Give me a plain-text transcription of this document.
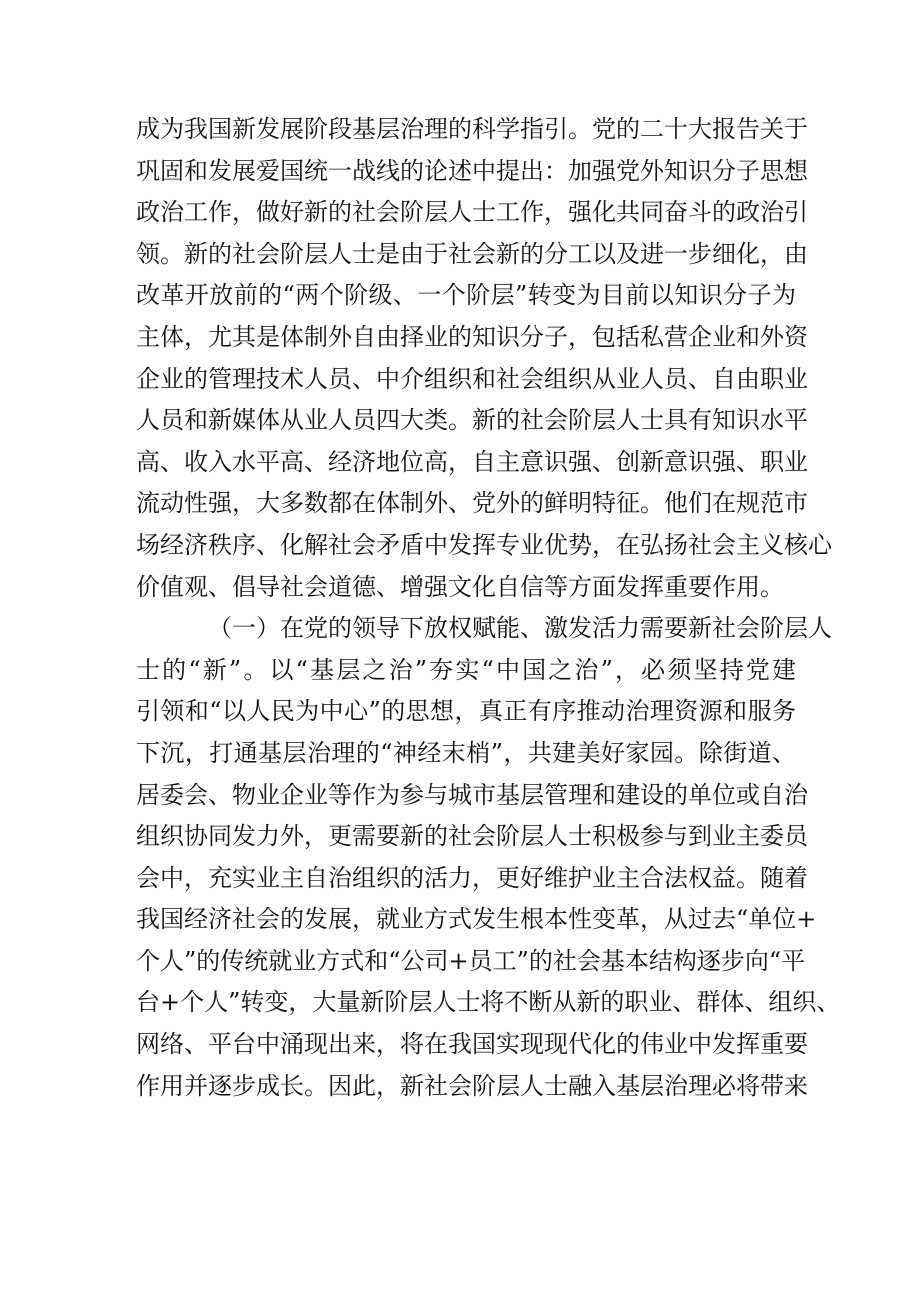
成为我国新发展阶段基层治理的科学指引。党的二十大报告关于
巩固和发展爱国统一战线的论述中提出：加强党外知识分子思想
政治工作，做好新的社会阶层人士工作，强化共同奋斗的政治引
领。新的社会阶层人士是由于社会新的分工以及进一步细化，由
改革开放前的“两个阶级、一个阶层”转变为目前以知识分子为
主体，尤其是体制外自由择业的知识分子，包括私营企业和外资
企业的管理技术人员、中介组织和社会组织从业人员、自由职业
人员和新媒体从业人员四大类。新的社会阶层人士具有知识水平
高、收入水平高、经济地位高，自主意识强、创新意识强、职业
流动性强，大多数都在体制外、党外的鲜明特征。他们在规范市
场经济秩序、化解社会矛盾中发挥专业优势，在弘扬社会主义核心
价值观、倡导社会道德、增强文化自信等方面发挥重要作用。
（一）在党的领导下放权赋能、激发活力需要新社会阶层人
士的“新”。以“基层之治”夯实“中国之治”，必须坚持党建
引领和“以人民为中心”的思想，真正有序推动治理资源和服务
下沉，打通基层治理的“神经末梢”，共建美好家园。除街道、
居委会、物业企业等作为参与城市基层管理和建设的单位或自治
组织协同发力外，更需要新的社会阶层人士积极参与到业主委员
会中，充实业主自治组织的活力，更好维护业主合法权益。随着
我国经济社会的发展，就业方式发生根本性变革，从过去“单位+
个人”的传统就业方式和“公司+员工”的社会基本结构逐步向“平
台+个人”转变，大量新阶层人士将不断从新的职业、群体、组织、
网络、平台中涌现出来，将在我国实现现代化的伟业中发挥重要
作用并逐步成长。因此，新社会阶层人士融入基层治理必将带来
